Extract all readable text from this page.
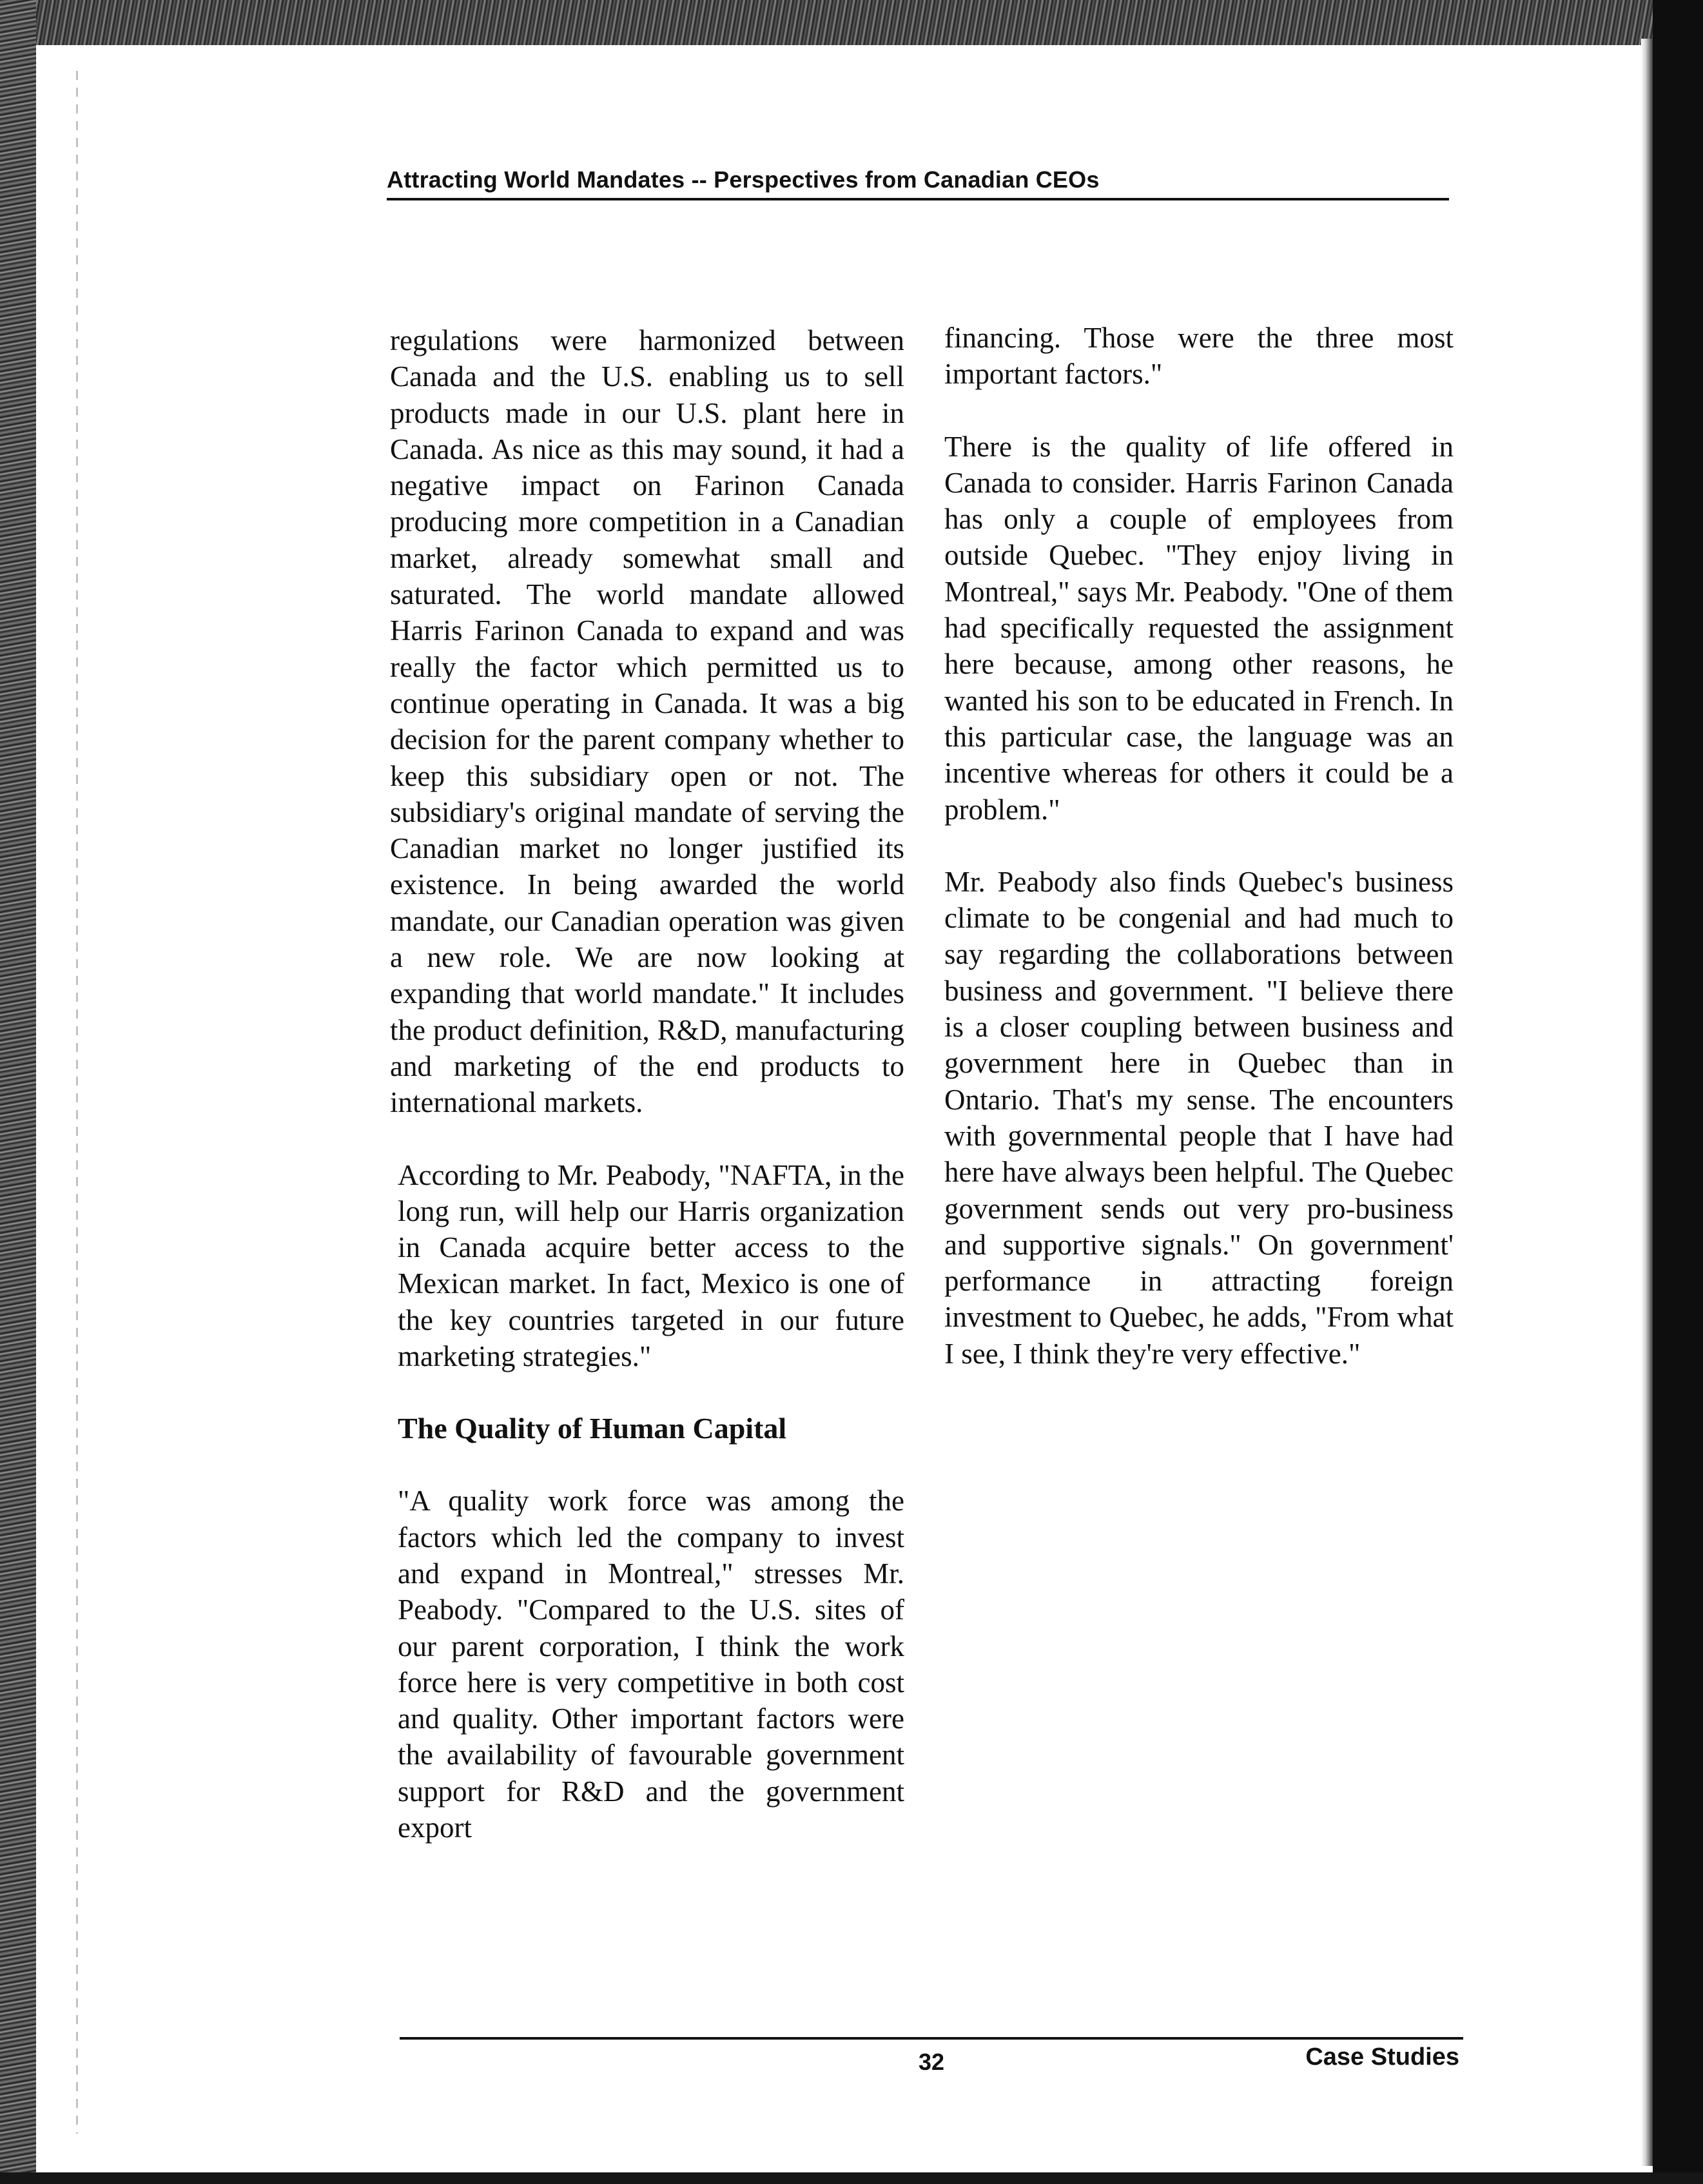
Attracting World Mandates -- Perspectives from Canadian CEOs

regulations were harmonized between Canada and the U.S. enabling us to sell products made in our U.S. plant here in Canada. As nice as this may sound, it had a negative impact on Farinon Canada producing more competition in a Canadian market, already somewhat small and saturated. The world mandate allowed Harris Farinon Canada to expand and was really the factor which permitted us to continue operating in Canada. It was a big decision for the parent company whether to keep this subsidiary open or not. The subsidiary's original mandate of serving the Canadian market no longer justified its existence. In being awarded the world mandate, our Canadian operation was given a new role. We are now looking at expanding that world mandate." It includes the product definition, R&D, manufacturing and marketing of the end products to international markets.

According to Mr. Peabody, "NAFTA, in the long run, will help our Harris organization in Canada acquire better access to the Mexican market. In fact, Mexico is one of the key countries targeted in our future marketing strategies."

The Quality of Human Capital

"A quality work force was among the factors which led the company to invest and expand in Montreal," stresses Mr. Peabody. "Compared to the U.S. sites of our parent corporation, I think the work force here is very competitive in both cost and quality. Other important factors were the availability of favourable government support for R&D and the government export

financing. Those were the three most important factors."

There is the quality of life offered in Canada to consider. Harris Farinon Canada has only a couple of employees from outside Quebec. "They enjoy living in Montreal," says Mr. Peabody. "One of them had specifically requested the assignment here because, among other reasons, he wanted his son to be educated in French. In this particular case, the language was an incentive whereas for others it could be a problem."

Mr. Peabody also finds Quebec's business climate to be congenial and had much to say regarding the collaborations between business and government. "I believe there is a closer coupling between business and government here in Quebec than in Ontario. That's my sense. The encounters with governmental people that I have had here have always been helpful. The Quebec government sends out very pro-business and supportive signals." On government' performance in attracting foreign investment to Quebec, he adds, "From what I see, I think they're very effective."

32	Case Studies
